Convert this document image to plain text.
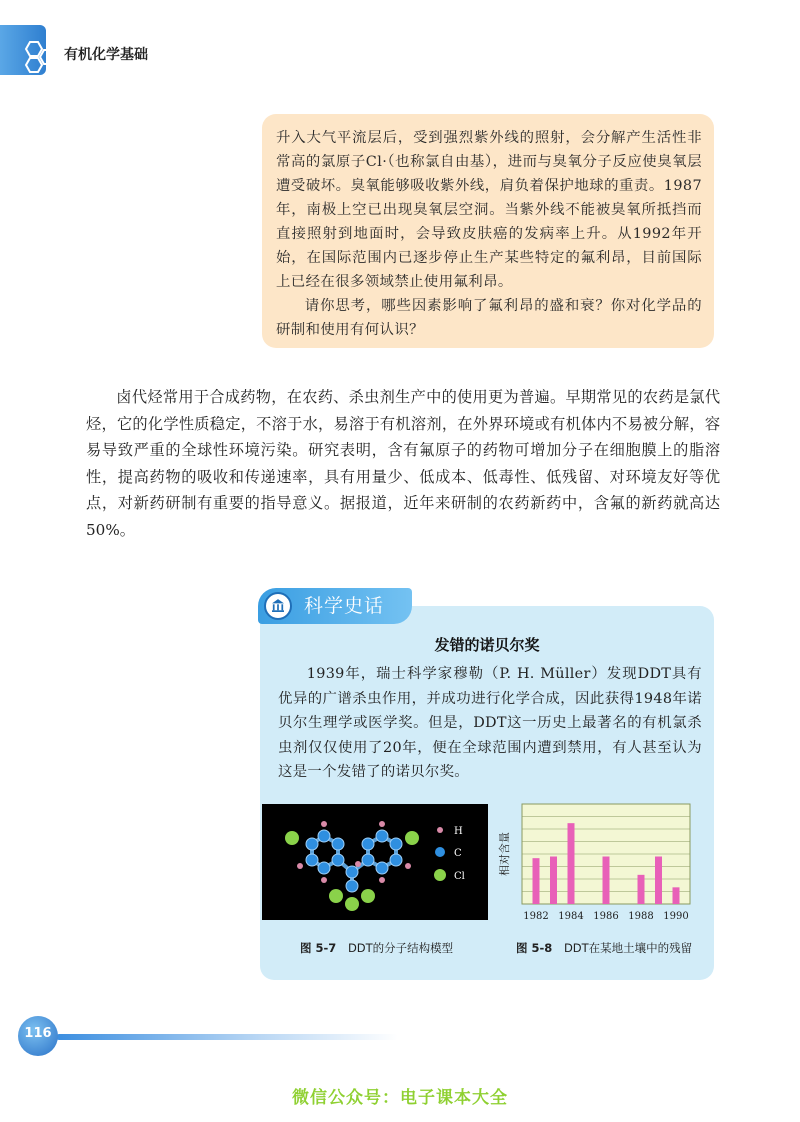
有机化学基础

升入大气平流层后，受到强烈紫外线的照射，会分解产生活性非常高的氯原子Cl·（也称氯自由基），进而与臭氧分子反应使臭氧层遭受破坏。臭氧能够吸收紫外线，肩负着保护地球的重责。1987年，南极上空已出现臭氧层空洞。当紫外线不能被臭氧所抵挡而直接照射到地面时，会导致皮肤癌的发病率上升。从1992年开始，在国际范围内已逐步停止生产某些特定的氟利昂，目前国际上已经在很多领域禁止使用氟利昂。

请你思考，哪些因素影响了氟利昂的盛和衰？你对化学品的研制和使用有何认识？

卤代烃常用于合成药物，在农药、杀虫剂生产中的使用更为普遍。早期常见的农药是氯代烃，它的化学性质稳定，不溶于水，易溶于有机溶剂，在外界环境或有机体内不易被分解，容易导致严重的全球性环境污染。研究表明，含有氟原子的药物可增加分子在细胞膜上的脂溶性，提高药物的吸收和传递速率，具有用量少、低成本、低毒性、低残留、对环境友好等优点，对新药研制有重要的指导意义。据报道，近年来研制的农药新药中，含氟的新药就高达50%。

科学史话
发错的诺贝尔奖

1939年，瑞士科学家穆勒（P. H. Müller）发现DDT具有优异的广谱杀虫作用，并成功进行化学合成，因此获得1948年诺贝尔生理学或医学奖。但是，DDT这一历史上最著名的有机氯杀虫剂仅仅使用了20年，便在全球范围内遭到禁用，有人甚至认为这是一个发错了的诺贝尔奖。

H
C
Cl
1982 1984 1986 1988 1990
相对含量
图 5-7 DDT的分子结构模型	图 5-8 DDT在某地土壤中的残留
116
微信公众号：电子课本大全
